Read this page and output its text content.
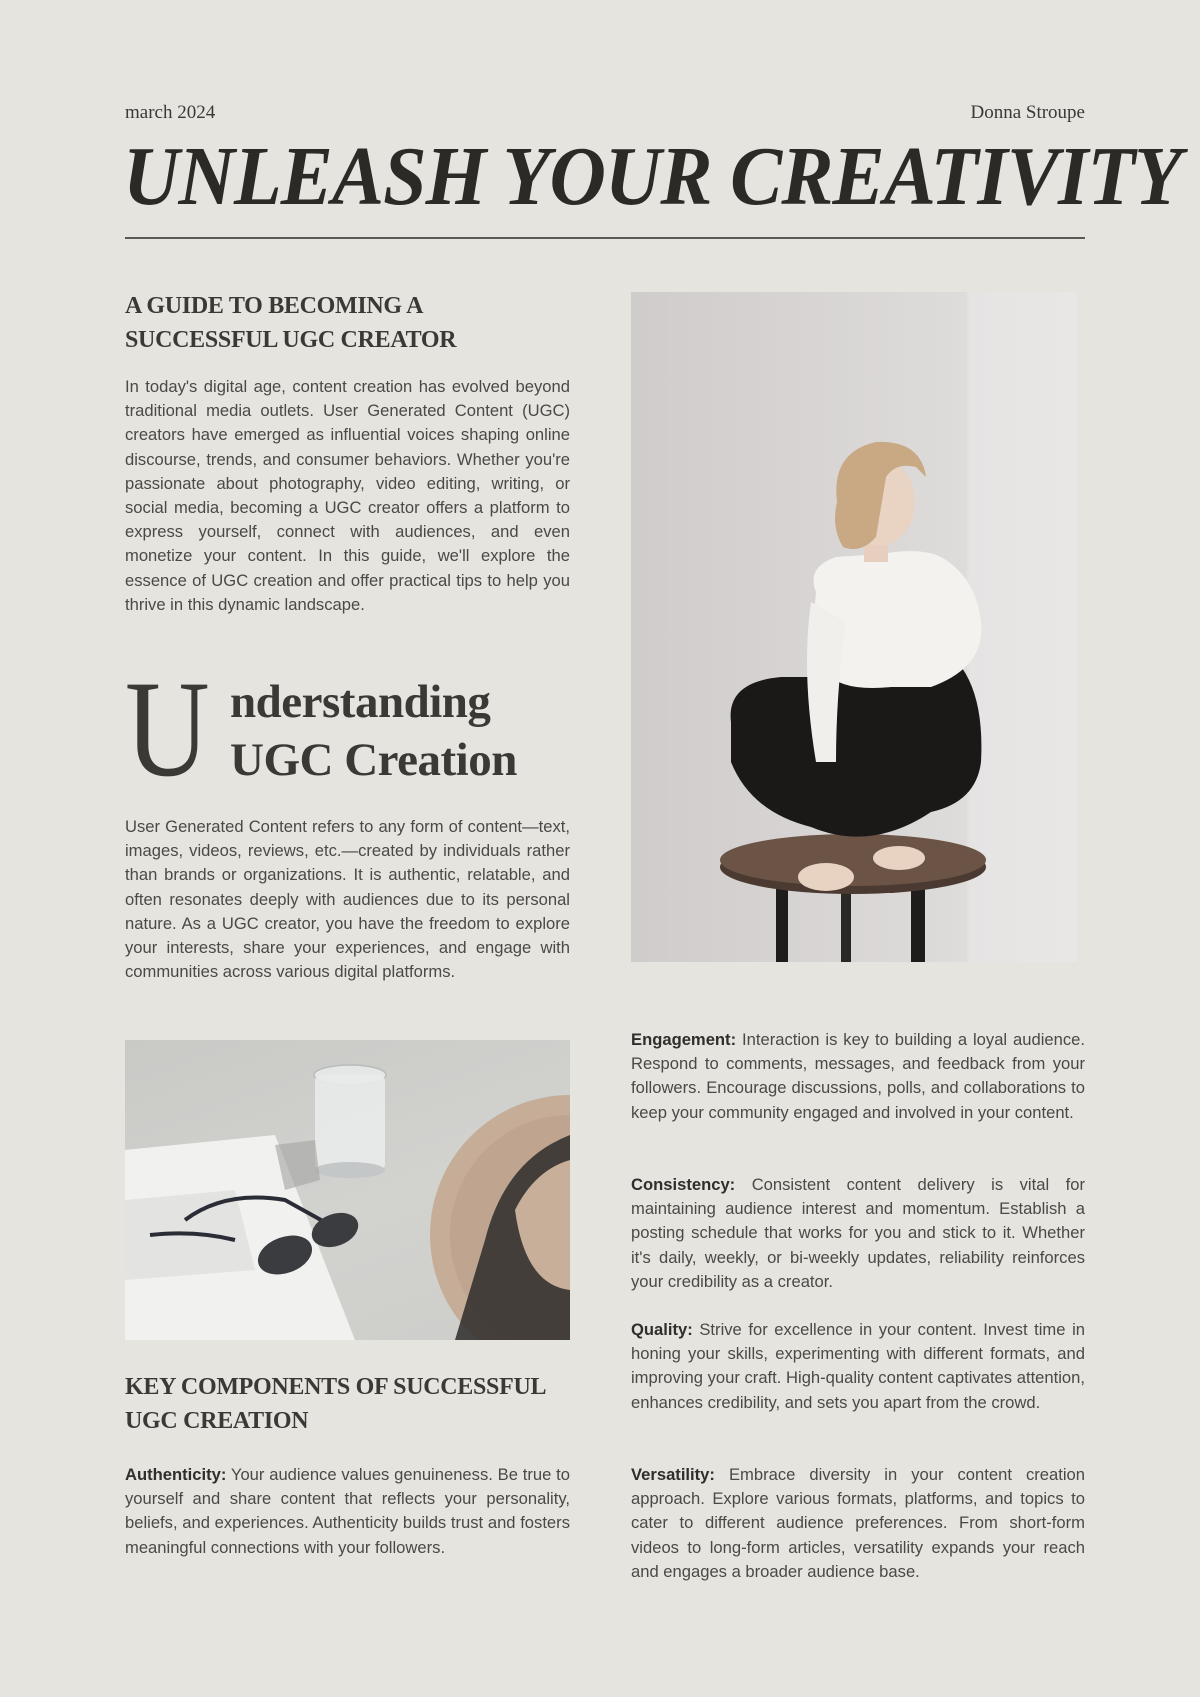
march 2024	Donna Stroupe
UNLEASH YOUR CREATIVITY
A GUIDE TO BECOMING A SUCCESSFUL UGC CREATOR

In today's digital age, content creation has evolved beyond traditional media outlets. User Generated Content (UGC) creators have emerged as influential voices shaping online discourse, trends, and consumer behaviors. Whether you're passionate about photography, video editing, writing, or social media, becoming a UGC creator offers a platform to express yourself, connect with audiences, and even monetize your content. In this guide, we'll explore the essence of UGC creation and offer practical tips to help you thrive in this dynamic landscape.

U nderstanding UGC Creation

User Generated Content refers to any form of content—text, images, videos, reviews, etc.—created by individuals rather than brands or organizations. It is authentic, relatable, and often resonates deeply with audiences due to its personal nature. As a UGC creator, you have the freedom to explore your interests, share your experiences, and engage with communities across various digital platforms.

KEY COMPONENTS OF SUCCESSFUL UGC CREATION

Authenticity: Your audience values genuineness. Be true to yourself and share content that reflects your personality, beliefs, and experiences. Authenticity builds trust and fosters meaningful connections with your followers.

Engagement: Interaction is key to building a loyal audience. Respond to comments, messages, and feedback from your followers. Encourage discussions, polls, and collaborations to keep your community engaged and involved in your content.

Consistency: Consistent content delivery is vital for maintaining audience interest and momentum. Establish a posting schedule that works for you and stick to it. Whether it's daily, weekly, or bi-weekly updates, reliability reinforces your credibility as a creator.

Quality: Strive for excellence in your content. Invest time in honing your skills, experimenting with different formats, and improving your craft. High-quality content captivates attention, enhances credibility, and sets you apart from the crowd.

Versatility: Embrace diversity in your content creation approach. Explore various formats, platforms, and topics to cater to different audience preferences. From short-form videos to long-form articles, versatility expands your reach and engages a broader audience base.
